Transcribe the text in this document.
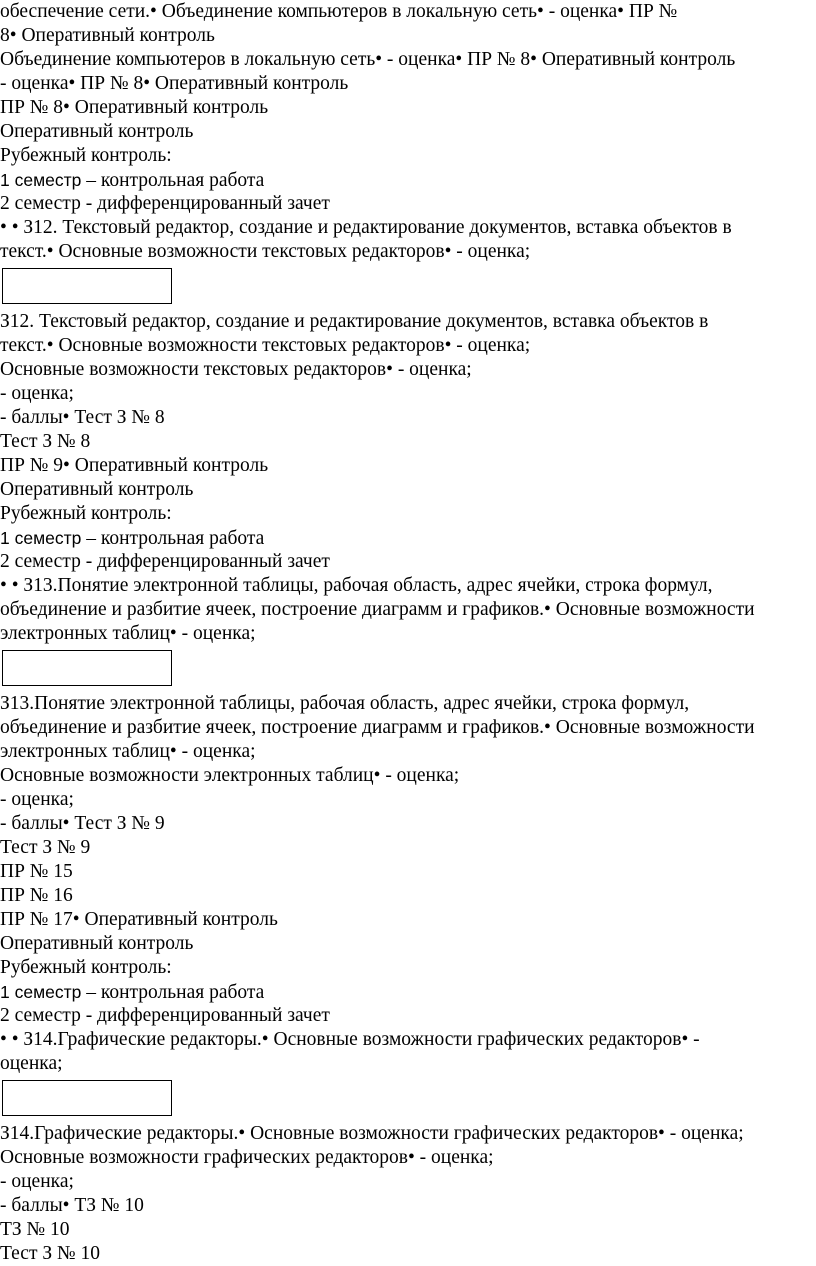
обеспечение сети.• Объединение компьютеров в локальную сеть• - оценка• ПР №
8• Оперативный контроль
Объединение компьютеров в локальную сеть• - оценка• ПР № 8• Оперативный контроль
- оценка• ПР № 8• Оперативный контроль
ПР № 8• Оперативный контроль
Оперативный контроль
Рубежный контроль:
1 семестр – контрольная работа
2 семестр - дифференцированный зачет
• • З12. Текстовый редактор, создание и редактирование документов, вставка объектов в
текст.• Основные возможности текстовых редакторов• - оценка;
З12. Текстовый редактор, создание и редактирование документов, вставка объектов в
текст.• Основные возможности текстовых редакторов• - оценка;
Основные возможности текстовых редакторов• - оценка;
- оценка;
- баллы• Тест З № 8
Тест З № 8
ПР № 9• Оперативный контроль
Оперативный контроль
Рубежный контроль:
1 семестр – контрольная работа
2 семестр - дифференцированный зачет
• • З13.Понятие электронной таблицы, рабочая область, адрес ячейки, строка формул,
объединение и разбитие ячеек, построение диаграмм и графиков.• Основные возможности
электронных таблиц• - оценка;
З13.Понятие электронной таблицы, рабочая область, адрес ячейки, строка формул,
объединение и разбитие ячеек, построение диаграмм и графиков.• Основные возможности
электронных таблиц• - оценка;
Основные возможности электронных таблиц• - оценка;
- оценка;
- баллы• Тест З № 9
Тест З № 9
ПР № 15
ПР № 16
ПР № 17• Оперативный контроль
Оперативный контроль
Рубежный контроль:
1 семестр – контрольная работа
2 семестр - дифференцированный зачет
• • З14.Графические редакторы.• Основные возможности графических редакторов• -
оценка;
З14.Графические редакторы.• Основные возможности графических редакторов• - оценка;
Основные возможности графических редакторов• - оценка;
- оценка;
- баллы• ТЗ № 10
ТЗ № 10
Тест З № 10
